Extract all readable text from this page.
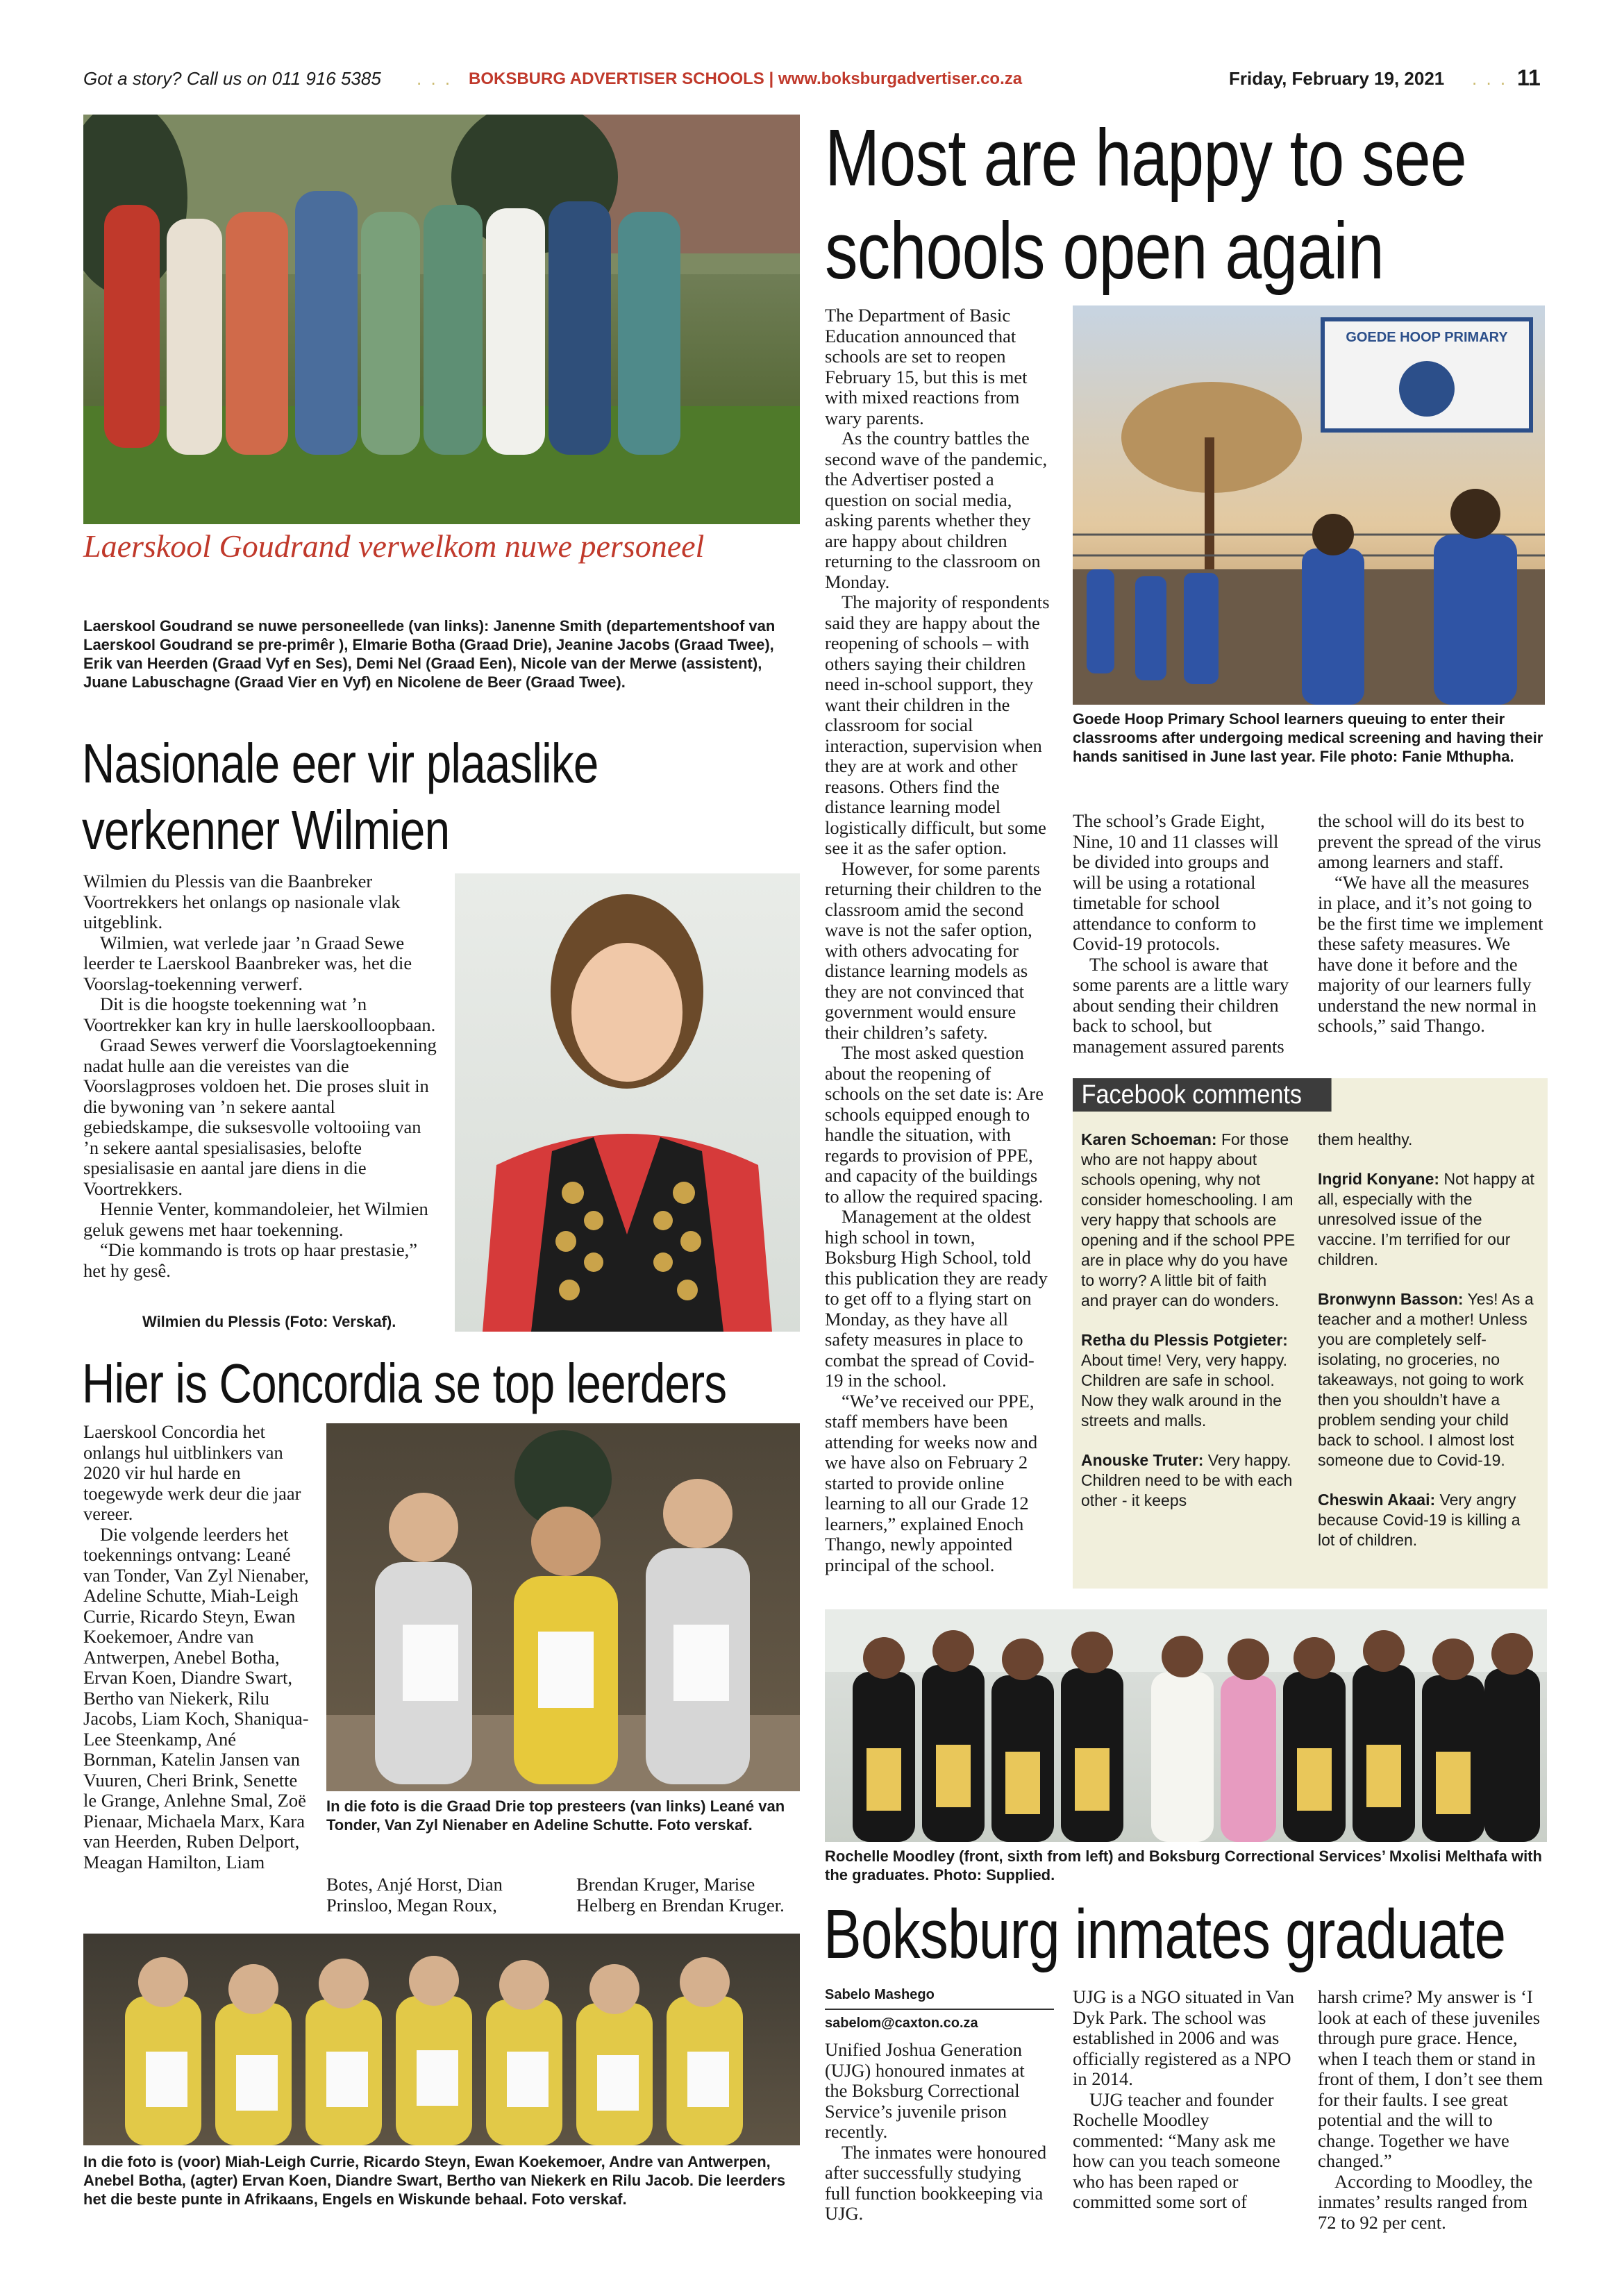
Got a story? Call us on 011 916 5385 . . . BOKSBURG ADVERTISER SCHOOLS | www.boksburgadvertiser.co.za	Friday, February 19, 2021 . . . 11
Laerskool Goudrand verwelkom nuwe personeel

Laerskool Goudrand se nuwe personeellede (van links): Janenne Smith (departementshoof van Laerskool Goudrand se pre-primêr ), Elmarie Botha (Graad Drie), Jeanine Jacobs (Graad Twee), Erik van Heerden (Graad Vyf en Ses), Demi Nel (Graad Een), Nicole van der Merwe (assistent), Juane Labuschagne (Graad Vier en Vyf) en Nicolene de Beer (Graad Twee).

Nasionale eer vir plaaslike
verkenner Wilmien

Wilmien du Plessis van die Baanbreker Voortrekkers het onlangs op nasionale vlak uitgeblink.

Wilmien, wat verlede jaar ’n Graad Sewe leerder te Laerskool Baanbreker was, het die Voorslag-toekenning verwerf.

Dit is die hoogste toekenning wat ’n Voortrekker kan kry in hulle laerskoolloopbaan.

Graad Sewes verwerf die Voorslagtoekenning nadat hulle aan die vereistes van die Voorslagproses voldoen het. Die proses sluit in die bywoning van ’n sekere aantal gebiedskampe, die suksesvolle voltooiing van ’n sekere aantal spesialisasies, belofte spesialisasie en aantal jare diens in die Voortrekkers.

Hennie Venter, kommandoleier, het Wilmien geluk gewens met haar toekenning.

“Die kommando is trots op haar prestasie,” het hy gesê.

Wilmien du Plessis (Foto: Verskaf).

Hier is Concordia se top leerders

Laerskool Concordia het onlangs hul uitblinkers van 2020 vir hul harde en toegewyde werk deur die jaar vereer.

Die volgende leerders het toekennings ontvang: Leané van Tonder, Van Zyl Nienaber, Adeline Schutte, Miah-Leigh Currie, Ricardo Steyn, Ewan Koekemoer, Andre van Antwerpen, Anebel Botha, Ervan Koen, Diandre Swart, Bertho van Niekerk, Rilu Jacobs, Liam Koch, Shaniqua-Lee Steenkamp, Ané Bornman, Katelin Jansen van Vuuren, Cheri Brink, Senette le Grange, Anlehne Smal, Zoë Pienaar, Michaela Marx, Kara van Heerden, Ruben Delport, Meagan Hamilton, Liam

In die foto is die Graad Drie top presteers (van links) Leané van Tonder, Van Zyl Nienaber en Adeline Schutte. Foto verskaf.

Botes, Anjé Horst, Dian Prinsloo, Megan Roux,

Brendan Kruger, Marise Helberg en Brendan Kruger.

In die foto is (voor) Miah-Leigh Currie, Ricardo Steyn, Ewan Koekemoer, Andre van Antwerpen, Anebel Botha, (agter) Ervan Koen, Diandre Swart, Bertho van Niekerk en Rilu Jacob. Die leerders het die beste punte in Afrikaans, Engels en Wiskunde behaal. Foto verskaf.

Most are happy to see
schools open again

The Department of Basic Education announced that schools are set to reopen February 15, but this is met with mixed reactions from wary parents.

As the country battles the second wave of the pandemic, the Advertiser posted a question on social media, asking parents whether they are happy about children returning to the classroom on Monday.

The majority of respondents said they are happy about the reopening of schools – with others saying their children need in-school support, they want their children in the classroom for social interaction, supervision when they are at work and other reasons. Others find the distance learning model logistically difficult, but some see it as the safer option.

However, for some parents returning their children to the classroom amid the second wave is not the safer option, with others advocating for distance learning models as they are not convinced that government would ensure their children’s safety.

The most asked question about the reopening of schools on the set date is: Are schools equipped enough to handle the situation, with regards to provision of PPE, and capacity of the buildings to allow the required spacing.

Management at the oldest high school in town, Boksburg High School, told this publication they are ready to get off to a flying start on Monday, as they have all safety measures in place to combat the spread of Covid-19 in the school.

“We’ve received our PPE, staff members have been attending for weeks now and we have also on February 2 started to provide online learning to all our Grade 12 learners,” explained Enoch Thango, newly appointed principal of the school.

GOEDE HOOP PRIMARY

Goede Hoop Primary School learners queuing to enter their classrooms after undergoing medical screening and having their hands sanitised in June last year. File photo: Fanie Mthupha.

The school’s Grade Eight, Nine, 10 and 11 classes will be divided into groups and will be using a rotational timetable for school attendance to conform to Covid-19 protocols.

The school is aware that some parents are a little wary about sending their children back to school, but management assured parents

the school will do its best to prevent the spread of the virus among learners and staff.

“We have all the measures in place, and it’s not going to be the first time we implement these safety measures. We have done it before and the majority of our learners fully understand the new normal in schools,” said Thango.

Facebook comments

Karen Schoeman: For those who are not happy about schools opening, why not consider homeschooling. I am very happy that schools are opening and if the school PPE are in place why do you have to worry? A little bit of faith and prayer can do wonders.

Retha du Plessis Potgieter: About time! Very, very happy. Children are safe in school. Now they walk around in the streets and malls.

Anouske Truter: Very happy. Children need to be with each other - it keeps

them healthy.

Ingrid Konyane: Not happy at all, especially with the unresolved issue of the vaccine. I’m terrified for our children.

Bronwynn Basson: Yes! As a teacher and a mother! Unless you are completely self-isolating, no groceries, no takeaways, not going to work then you shouldn’t have a problem sending your child back to school. I almost lost someone due to Covid-19.

Cheswin Akaai: Very angry because Covid-19 is killing a lot of children.

Rochelle Moodley (front, sixth from left) and Boksburg Correctional Services’ Mxolisi Melthafa with the graduates. Photo: Supplied.

Boksburg inmates graduate
Sabelo Mashego
sabelom@caxton.co.za

Unified Joshua Generation (UJG) honoured inmates at the Boksburg Correctional Service’s juvenile prison recently.

The inmates were honoured after successfully studying full function bookkeeping via UJG.

UJG is a NGO situated in Van Dyk Park. The school was established in 2006 and was officially registered as a NPO in 2014.

UJG teacher and founder Rochelle Moodley commented: “Many ask me how can you teach someone who has been raped or committed some sort of

harsh crime? My answer is ‘I look at each of these juveniles through pure grace. Hence, when I teach them or stand in front of them, I don’t see them for their faults. I see great potential and the will to change. Together we have changed.”

According to Moodley, the inmates’ results ranged from 72 to 92 per cent.
